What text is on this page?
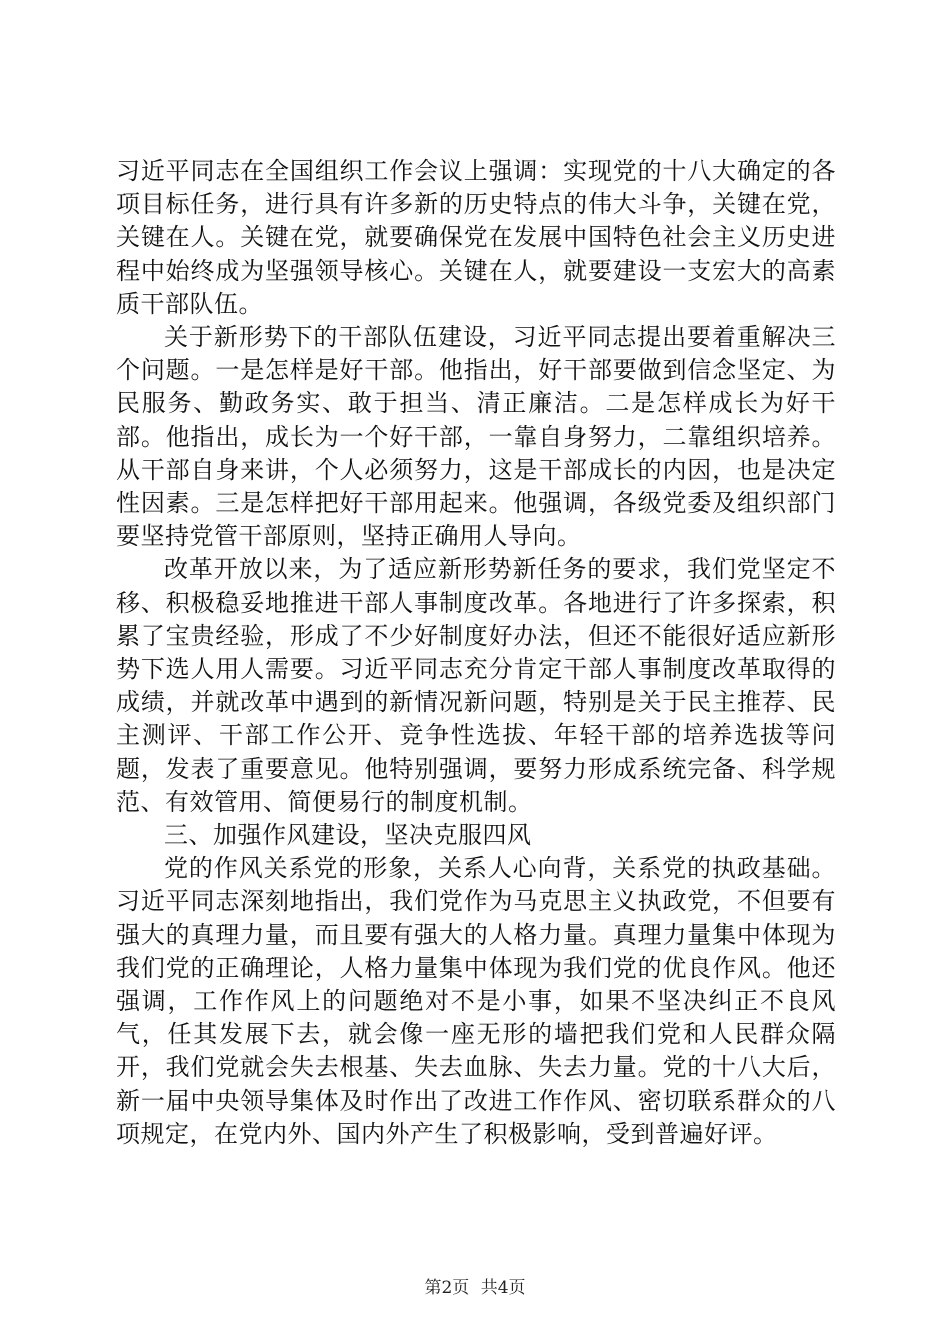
习近平同志在全国组织工作会议上强调：实现党的十八大确定的各项目标任务，进行具有许多新的历史特点的伟大斗争，关键在党，关键在人。关键在党，就要确保党在发展中国特色社会主义历史进程中始终成为坚强领导核心。关键在人，就要建设一支宏大的高素质干部队伍。

关于新形势下的干部队伍建设，习近平同志提出要着重解决三个问题。一是怎样是好干部。他指出，好干部要做到信念坚定、为民服务、勤政务实、敢于担当、清正廉洁。二是怎样成长为好干部。他指出，成长为一个好干部，一靠自身努力，二靠组织培养。从干部自身来讲，个人必须努力，这是干部成长的内因，也是决定性因素。三是怎样把好干部用起来。他强调，各级党委及组织部门要坚持党管干部原则，坚持正确用人导向。

改革开放以来，为了适应新形势新任务的要求，我们党坚定不移、积极稳妥地推进干部人事制度改革。各地进行了许多探索，积累了宝贵经验，形成了不少好制度好办法，但还不能很好适应新形势下选人用人需要。习近平同志充分肯定干部人事制度改革取得的成绩，并就改革中遇到的新情况新问题，特别是关于民主推荐、民主测评、干部工作公开、竞争性选拔、年轻干部的培养选拔等问题，发表了重要意见。他特别强调，要努力形成系统完备、科学规范、有效管用、简便易行的制度机制。

三、加强作风建设，坚决克服四风

党的作风关系党的形象，关系人心向背，关系党的执政基础。习近平同志深刻地指出，我们党作为马克思主义执政党，不但要有强大的真理力量，而且要有强大的人格力量。真理力量集中体现为我们党的正确理论，人格力量集中体现为我们党的优良作风。他还强调，工作作风上的问题绝对不是小事，如果不坚决纠正不良风气，任其发展下去，就会像一座无形的墙把我们党和人民群众隔开，我们党就会失去根基、失去血脉、失去力量。党的十八大后，新一届中央领导集体及时作出了改进工作作风、密切联系群众的八项规定，在党内外、国内外产生了积极影响，受到普遍好评。

第2页 共4页
